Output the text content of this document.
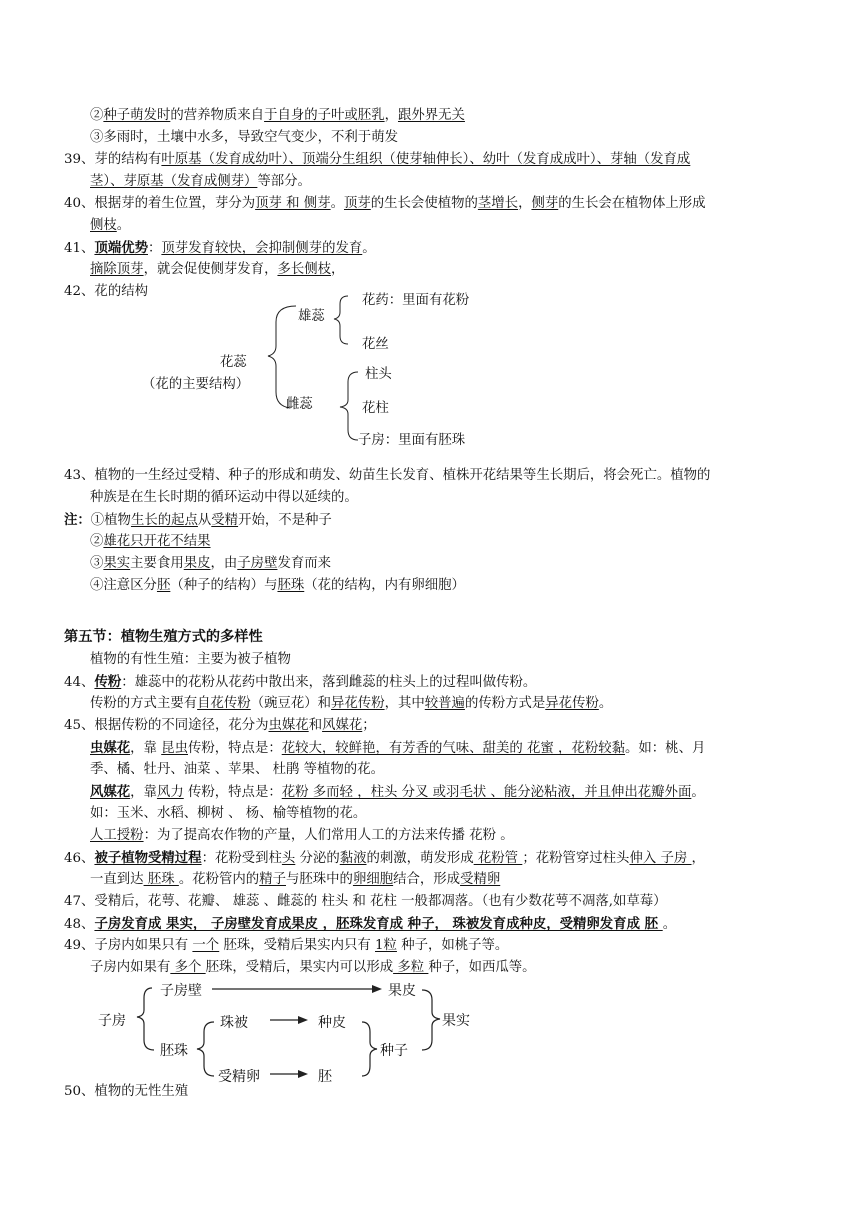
②种子萌发时的营养物质来自于自身的子叶或胚乳，跟外界无关
③多雨时，土壤中水多，导致空气变少，不利于萌发
39、芽的结构有叶原基（发育成幼叶）、顶端分生组织（使芽轴伸长）、幼叶（发育成成叶）、芽轴（发育成
茎）、芽原基（发育成侧芽）等部分。
40、根据芽的着生位置，芽分为顶芽 和 侧芽。顶芽的生长会使植物的茎增长，侧芽的生长会在植物体上形成
侧枝。
41、顶端优势：顶芽发育较快，会抑制侧芽的发育。
摘除顶芽，就会促使侧芽发育，多长侧枝，
42、花的结构
花药：里面有花粉
雄蕊
花丝
花蕊
（花的主要结构）
柱头
雌蕊	花柱
子房：里面有胚珠
43、植物的一生经过受精、种子的形成和萌发、幼苗生长发育、植株开花结果等生长期后，将会死亡。植物的
种族是在生长时期的循环运动中得以延续的。
注：①植物生长的起点从受精开始，不是种子
②雄花只开花不结果
③果实主要食用果皮，由子房壁发育而来
④注意区分胚（种子的结构）与胚珠（花的结构，内有卵细胞）
第五节：植物生殖方式的多样性
植物的有性生殖：主要为被子植物
44、传粉：雄蕊中的花粉从花药中散出来，落到雌蕊的柱头上的过程叫做传粉。
传粉的方式主要有自花传粉（豌豆花）和异花传粉，其中较普遍的传粉方式是异花传粉。
45、根据传粉的不同途径，花分为虫媒花和风媒花；
虫媒花，靠 昆虫传粉，特点是：花较大，较鲜艳，有芳香的气味、甜美的 花蜜 ，花粉较黏。如：桃、月
季、橘、牡丹、油菜 、苹果、 杜鹃 等植物的花。
风媒花，靠风力 传粉，特点是：花粉 多而轻 ，柱头 分叉 或羽毛状 、能分泌粘液，并且伸出花瓣外面。
如：玉米、水稻、柳树 、 杨、榆等植物的花。
人工授粉：为了提高农作物的产量，人们常用人工的方法来传播 花粉 。
46、被子植物受精过程：花粉受到柱头 分泌的黏液的刺激，萌发形成 花粉管 ；花粉管穿过柱头伸入 子房 ，
一直到达 胚珠 。花粉管内的精子与胚珠中的卵细胞结合，形成受精卵
47、受精后，花萼、花瓣、 雄蕊 、雌蕊的 柱头 和 花柱 一般都凋落。（也有少数花萼不凋落,如草莓）
48、子房发育成 果实， 子房壁发育成果皮 ，胚珠发育成 种子， 珠被发育成种皮，受精卵发育成 胚 。
49、子房内如果只有 一个 胚珠，受精后果实内只有 1粒 种子，如桃子等。
子房内如果有 多个 胚珠，受精后，果实内可以形成 多粒 种子，如西瓜等。
子房壁	果皮
子房	珠被	种皮	果实
胚珠	种子
受精卵	胚
50、植物的无性生殖
